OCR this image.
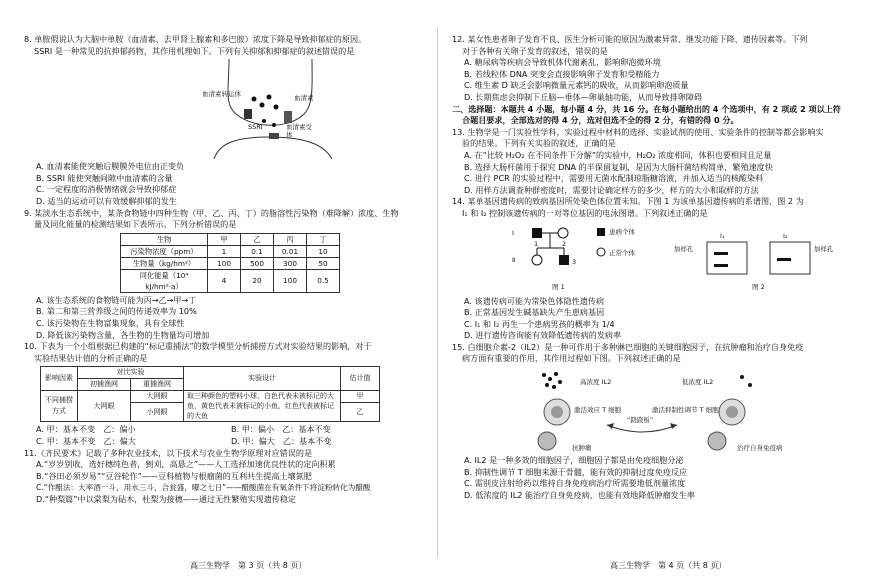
8. 单胺假说认为大脑中单胺（血清素、去甲肾上腺素和多巴胺）浓度下降是导致抑郁症的原因。

SSRI 是一种常见的抗抑郁药物，其作用机理如下。下列有关抑郁和抑郁症的叙述错误的是

血清素转运体
SSRI
血清素
血清素受体

A. 血清素能使突触后膜膜外电位由正变负

B. SSRI 能使突触间隙中血清素的含量

C. 一定程度的消极情绪就会导致抑郁症

D. 适当的运动可以有效缓解抑郁的发生

9. 某淡水生态系统中，某条食物链中四种生物（甲、乙、丙、丁）的脂溶性污染物（难降解）浓度、生物

量及同化能量的检测结果如下表所示。下列分析错误的是

生物	甲	乙	丙	丁
污染物浓度（ppm）	1	0.1	0.01	10
生物量（kg/hm²）	100	500	300	50
同化能量（10⁴ kJ/hm²·a）	4	20	100	0.5

A. 该生态系统的食物链可能为丙→乙→甲→丁

B. 第二和第三营养级之间的传递效率为 10%

C. 该污染物在生物富集现象，具有全球性

D. 降低该污染物含量，各生物的生物量均可增加

10. 下表为一个小组根据已构建的“标记重捕法”的数学模型分析捕捞方式对实验结果的影响，对于

实验结果估计值的分析正确的是

影响因素	对比实验		实验设计	估计值
	初捕渔网	重捕渔网		
不同捕捞方式	大网眼	大网眼	取三种颜色的塑料小球，白色代表未被标记的大鱼，黄色代表未被标记的小鱼，红色代表被标记的大鱼	甲
		小网眼		乙
A. 甲：基本不变　乙：偏小	B. 甲：偏小　乙：基本不变
C. 甲：基本不变　乙：偏大	D. 甲：偏大　乙：基本不变

11.《齐民要术》记载了多种农业技术，以下技术与农业生物学原理对应错误的是

A.“岁岁别收，选好穗纯色者，剉刈，高悬之”——人工选择加速优良性状的定向积累

B.“谷田必须岁易”“豆谷轮作”——豆科植物与根瘤菌的互利共生提高土壤氮肥

C.“作醋法：大率酒一斗，用水三斗，合瓮盛，曝之七日”——醋酸菌在有氧条件下将淀粉转化为醋酸

D.“种梨篇”中以棠梨为砧木，杜梨为接穗——通过无性繁殖实现遗传稳定

高三生物学　第 3 页（共 8 页）

12. 某女性患者卵子发育不良、医生分析可能的原因为激素异常、继发功能下降、遗传因素等。下列

对于各种有关卵子发育的叙述，错误的是

A. 糖尿病等疾病会导致机体代谢紊乱，影响卵泡微环境

B. 若线粒体 DNA 突变会直接影响卵子发育和受精能力

C. 维生素 D 缺乏会影响微量元素钙的吸收，从而影响卵泡质量

D. 长期焦虑会抑制下丘脑—垂体—卵巢轴功能，从而导致排卵障碍

二、选择题：本题共 4 小题，每小题 4 分，共 16 分。在每小题给出的 4 个选项中，有 2 项或 2 项以上符

合题目要求，全部选对的得 4 分，选对但选不全的得 2 分，有错的得 0 分。

13. 生物学是一门实验性学科，实验过程中材料的选择、实验试剂的使用、实验条件的控制等都会影响实

验的结果。下列有关实验的叙述，正确的是

A. 在“比较 H₂O₂ 在不同条件下分解”的实验中，H₂O₂ 浓度相同，体积也要相同且足量

B. 选择大肠杆菌用于探究 DNA 的半保留复制，是因为大肠杆菌结构简单，繁殖速度快

C. 进行 PCR 的实验过程中，需要用无菌水配制琼脂糖溶液，并加入适当的核酸染料

D. 用样方法调查种群密度时，需要讨论确定样方的多少，样方的大小和取样的方法

14. 某单基因遗传病的致病基因所处染色体位置未知。下图 1 为该单基因遗传病的系谱图，图 2 为

Ⅰ₁ 和 Ⅰ₂ 控制该遗传病的一对等位基因的电泳图谱。下列叙述正确的是

Ⅰ
Ⅱ
1	2
3
患病个体
正常个体
图 1
Ⅰ₁	Ⅰ₂
加样孔	加样孔
图 2

A. 该遗传病可能为常染色体隐性遗传病

B. 正常基因发生碱基缺失产生患病基因

C. Ⅰ₁ 和 Ⅰ₂ 再生一个患病男孩的概率为 1/4

D. 进行遗传咨询能有效降低遗传病的发病率

15. 白细胞介素-2（IL2）是一种可作用于多种淋巴细胞的关键细胞因子，在抗肿瘤和治疗自身免疫

病方面有重要的作用，其作用过程如下图。下列叙述正确的是

高浓度 IL2	低浓度 IL2
激活效应 T 细胞	激活抑制性调节 T 细胞
“跷跷板”
抗肿瘤	治疗自身免疫病

A. IL2 是一种多效的细胞因子，细胞因子都是由免疫细胞分泌

B. 抑制性调节 T 细胞来源于骨髓，能有效的抑制过度免疫反应

C. 需别皮注射给药以维持自身免疫病治疗所需要地低剂量浓度

D. 低浓度的 IL2 能治疗自身免疫病，也能有效地降低肿瘤发生率

高三生物学　第 4 页（共 8 页）
